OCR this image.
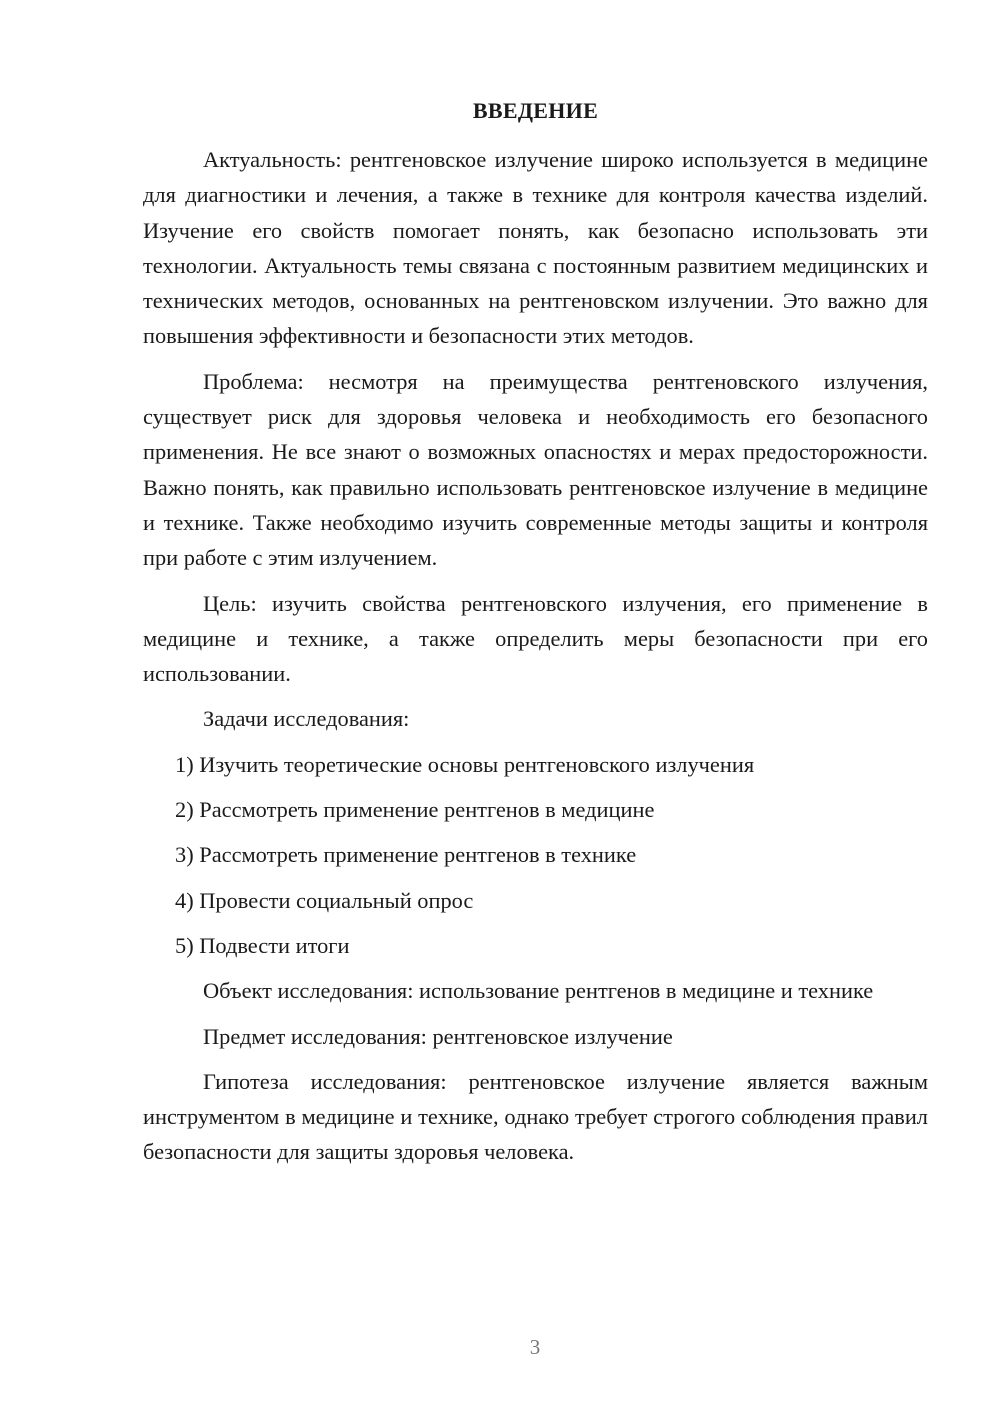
ВВЕДЕНИЕ

Актуальность: рентгеновское излучение широко используется в медицине для диагностики и лечения, а также в технике для контроля качества изделий. Изучение его свойств помогает понять, как безопасно использовать эти технологии. Актуальность темы связана с постоянным развитием медицинских и технических методов, основанных на рентгеновском излучении. Это важно для повышения эффективности и безопасности этих методов.

Проблема: несмотря на преимущества рентгеновского излучения, существует риск для здоровья человека и необходимость его безопасного применения. Не все знают о возможных опасностях и мерах предосторожности. Важно понять, как правильно использовать рентгеновское излучение в медицине и технике. Также необходимо изучить современные методы защиты и контроля при работе с этим излучением.

Цель: изучить свойства рентгеновского излучения, его применение в медицине и технике, а также определить меры безопасности при его использовании.

Задачи исследования:

1) Изучить теоретические основы рентгеновского излучения

2) Рассмотреть применение рентгенов в медицине

3) Рассмотреть применение рентгенов в технике

4) Провести социальный опрос

5) Подвести итоги

Объект исследования: использование рентгенов в медицине и технике

Предмет исследования: рентгеновское излучение

Гипотеза исследования: рентгеновское излучение является важным инструментом в медицине и технике, однако требует строгого соблюдения правил безопасности для защиты здоровья человека.

3
